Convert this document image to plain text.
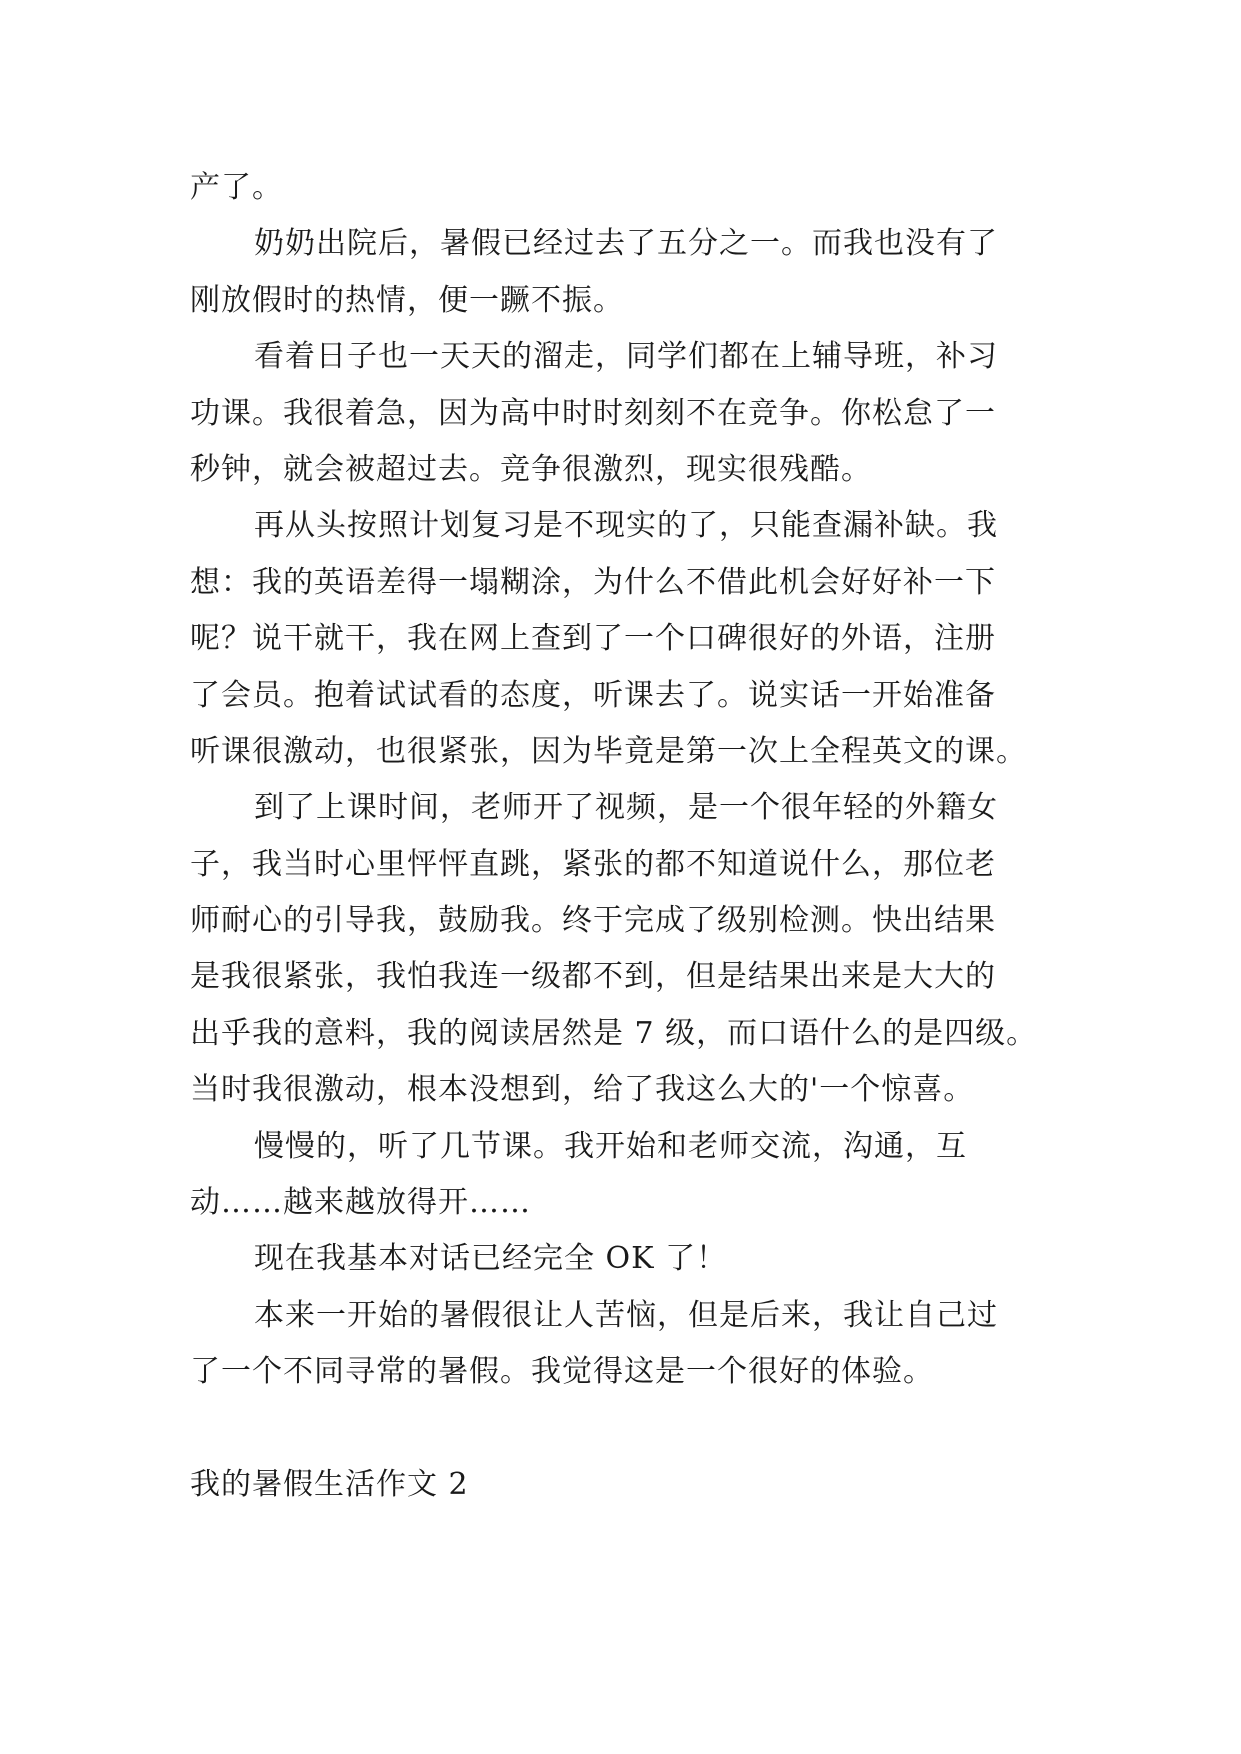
产了。
奶奶出院后，暑假已经过去了五分之一。而我也没有了
刚放假时的热情，便一蹶不振。
看着日子也一天天的溜走，同学们都在上辅导班，补习
功课。我很着急，因为高中时时刻刻不在竞争。你松怠了一
秒钟，就会被超过去。竞争很激烈，现实很残酷。
再从头按照计划复习是不现实的了，只能查漏补缺。我
想：我的英语差得一塌糊涂，为什么不借此机会好好补一下
呢？说干就干，我在网上查到了一个口碑很好的外语，注册
了会员。抱着试试看的态度，听课去了。说实话一开始准备
听课很激动，也很紧张，因为毕竟是第一次上全程英文的课。
到了上课时间，老师开了视频，是一个很年轻的外籍女
子，我当时心里怦怦直跳，紧张的都不知道说什么，那位老
师耐心的引导我，鼓励我。终于完成了级别检测。快出结果
是我很紧张，我怕我连一级都不到，但是结果出来是大大的
出乎我的意料，我的阅读居然是 7 级，而口语什么的是四级。
当时我很激动，根本没想到，给了我这么大的'一个惊喜。
慢慢的，听了几节课。我开始和老师交流，沟通，互
动……越来越放得开……
现在我基本对话已经完全 OK 了！
本来一开始的暑假很让人苦恼，但是后来，我让自己过
了一个不同寻常的暑假。我觉得这是一个很好的体验。
我的暑假生活作文 2
